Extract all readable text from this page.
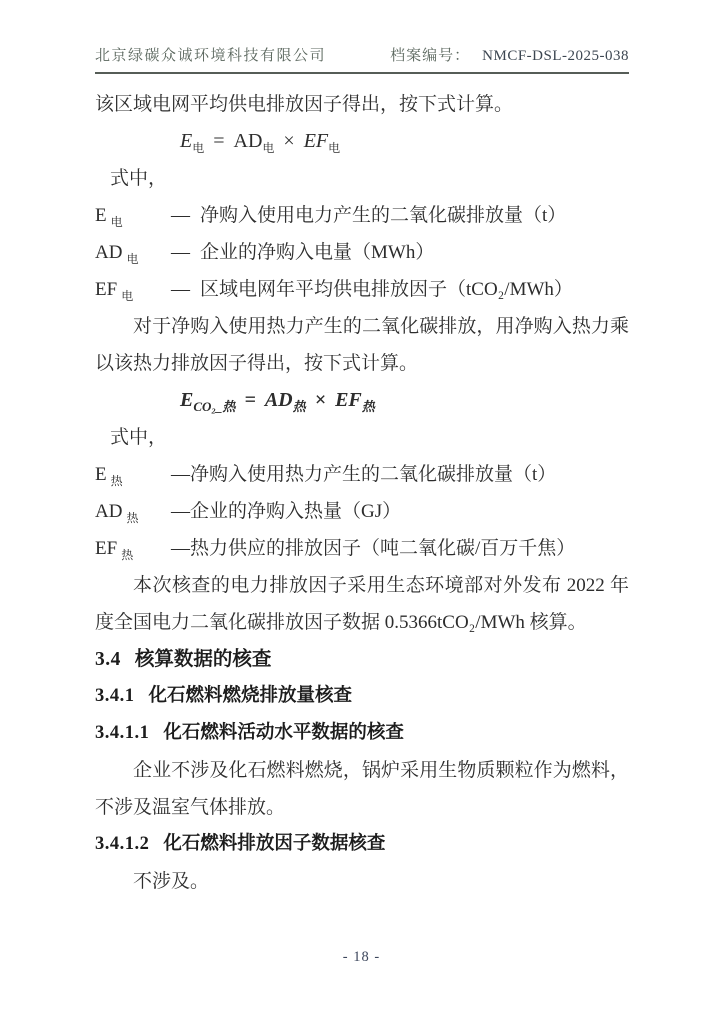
北京绿碳众诚环境科技有限公司	档案编号： NMCF-DSL-2025-038

该区域电网平均供电排放因子得出，按下式计算。

$E_电 = AD_电 \times EF_电$

式中，

E $_电$	— 净购入使用电力产生的二氧化碳排放量（t）
AD $_电$	— 企业的净购入电量（MWh）
EF $_电$	— 区域电网年平均供电排放因子（tCO₂/MWh）

对于净购入使用热力产生的二氧化碳排放，用净购入热力乘以该热力排放因子得出，按下式计算。

$E_{CO_2\_热} = AD_热 \times EF_热$

式中，

E $_热$	— 净购入使用热力产生的二氧化碳排放量（t）
AD $_热$	— 企业的净购入热量（GJ）
EF $_热$	— 热力供应的排放因子（吨二氧化碳/百万千焦）

本次核查的电力排放因子采用生态环境部对外发布 2022 年度全国电力二氧化碳排放因子数据 0.5366tCO₂/MWh 核算。

3.4 核算数据的核查
3.4.1 化石燃料燃烧排放量核查
3.4.1.1 化石燃料活动水平数据的核查

企业不涉及化石燃料燃烧，锅炉采用生物质颗粒作为燃料，不涉及温室气体排放。

3.4.1.2 化石燃料排放因子数据核查

不涉及。

- 18 -
